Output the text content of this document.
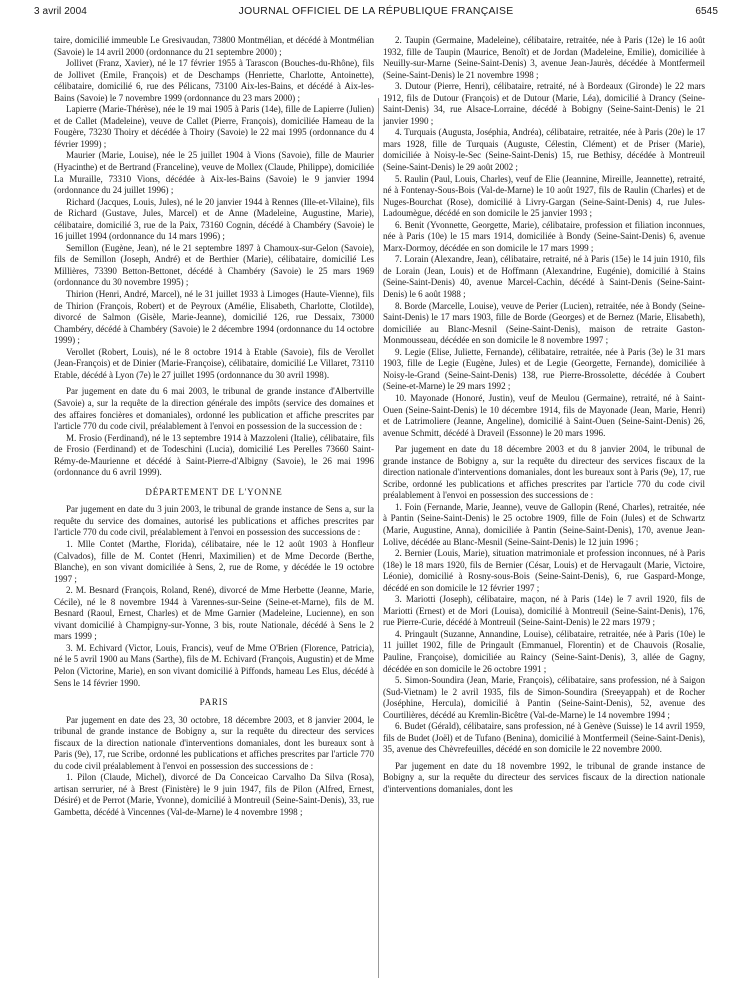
3 avril 2004	JOURNAL OFFICIEL DE LA RÉPUBLIQUE FRANÇAISE	6545

taire, domicilié immeuble Le Gresivaudan, 73800 Montmélian, et décédé à Montmélian (Savoie) le 14 avril 2000 (ordonnance du 21 septembre 2000) ;

Jollivet (Franz, Xavier), né le 17 février 1955 à Tarascon (Bouches-du-Rhône), fils de Jollivet (Emile, François) et de Deschamps (Henriette, Charlotte, Antoinette), célibataire, domicilié 6, rue des Pélicans, 73100 Aix-les-Bains, et décédé à Aix-les-Bains (Savoie) le 7 novembre 1999 (ordonnance du 23 mars 2000) ;

Lapierre (Marie-Thérèse), née le 19 mai 1905 à Paris (14e), fille de Lapierre (Julien) et de Callet (Madeleine), veuve de Callet (Pierre, François), domiciliée Hameau de la Fougère, 73230 Thoiry et décédée à Thoiry (Savoie) le 22 mai 1995 (ordonnance du 4 février 1999) ;

Maurier (Marie, Louise), née le 25 juillet 1904 à Vions (Savoie), fille de Maurier (Hyacinthe) et de Bertrand (Franceline), veuve de Mollex (Claude, Philippe), domiciliée La Muraille, 73310 Vions, décédée à Aix-les-Bains (Savoie) le 9 janvier 1994 (ordonnance du 24 juillet 1996) ;

Richard (Jacques, Louis, Jules), né le 20 janvier 1944 à Rennes (Ille-et-Vilaine), fils de Richard (Gustave, Jules, Marcel) et de Anne (Madeleine, Augustine, Marie), célibataire, domicilié 3, rue de la Paix, 73160 Cognin, décédé à Chambéry (Savoie) le 16 juillet 1994 (ordonnance du 14 mars 1996) ;

Semillon (Eugène, Jean), né le 21 septembre 1897 à Chamoux-sur-Gelon (Savoie), fils de Semillon (Joseph, André) et de Berthier (Marie), célibataire, domicilié Les Millières, 73390 Betton-Bettonet, décédé à Chambéry (Savoie) le 25 mars 1969 (ordonnance du 30 novembre 1995) ;

Thirion (Henri, André, Marcel), né le 31 juillet 1933 à Limoges (Haute-Vienne), fils de Thirion (François, Robert) et de Peyroux (Amélie, Elisabeth, Charlotte, Clotilde), divorcé de Salmon (Gisèle, Marie-Jeanne), domicilié 126, rue Dessaix, 73000 Chambéry, décédé à Chambéry (Savoie) le 2 décembre 1994 (ordonnance du 14 octobre 1999) ;

Verollet (Robert, Louis), né le 8 octobre 1914 à Etable (Savoie), fils de Verollet (Jean-François) et de Dinier (Marie-Françoise), célibataire, domicilié Le Villaret, 73110 Etable, décédé à Lyon (7e) le 27 juillet 1995 (ordonnance du 30 avril 1998).

Par jugement en date du 6 mai 2003, le tribunal de grande instance d'Albertville (Savoie) a, sur la requête de la direction générale des impôts (service des domaines et des affaires foncières et domaniales), ordonné les publication et affiche prescrites par l'article 770 du code civil, préalablement à l'envoi en possession de la succession de :

M. Frosio (Ferdinand), né le 13 septembre 1914 à Mazzoleni (Italie), célibataire, fils de Frosio (Ferdinand) et de Todeschini (Lucia), domicilié Les Perelles 73660 Saint-Rémy-de-Maurienne et décédé à Saint-Pierre-d'Albigny (Savoie), le 26 mai 1996 (ordonnance du 6 avril 1999).

DÉPARTEMENT DE L'YONNE

Par jugement en date du 3 juin 2003, le tribunal de grande instance de Sens a, sur la requête du service des domaines, autorisé les publications et affiches prescrites par l'article 770 du code civil, préalablement à l'envoi en possession des successions de :

1. Mlle Contet (Marthe, Florida), célibataire, née le 12 août 1903 à Honfleur (Calvados), fille de M. Contet (Henri, Maximilien) et de Mme Decorde (Berthe, Blanche), en son vivant domiciliée à Sens, 2, rue de Rome, y décédée le 19 octobre 1997 ;

2. M. Besnard (François, Roland, René), divorcé de Mme Herbette (Jeanne, Marie, Cécile), né le 8 novembre 1944 à Varennes-sur-Seine (Seine-et-Marne), fils de M. Besnard (Raoul, Ernest, Charles) et de Mme Garnier (Madeleine, Lucienne), en son vivant domicilié à Champigny-sur-Yonne, 3 bis, route Nationale, décédé à Sens le 2 mars 1999 ;

3. M. Echivard (Victor, Louis, Francis), veuf de Mme O'Brien (Florence, Patricia), né le 5 avril 1900 au Mans (Sarthe), fils de M. Echivard (François, Augustin) et de Mme Pelon (Victorine, Marie), en son vivant domicilié à Piffonds, hameau Les Elus, décédé à Sens le 14 février 1990.

PARIS

Par jugement en date des 23, 30 octobre, 18 décembre 2003, et 8 janvier 2004, le tribunal de grande instance de Bobigny a, sur la requête du directeur des services fiscaux de la direction nationale d'interventions domaniales, dont les bureaux sont à Paris (9e), 17, rue Scribe, ordonné les publications et affiches prescrites par l'article 770 du code civil préalablement à l'envoi en possession des successions de :

1. Pilon (Claude, Michel), divorcé de Da Conceicao Carvalho Da Silva (Rosa), artisan serrurier, né à Brest (Finistère) le 9 juin 1947, fils de Pilon (Alfred, Ernest, Désiré) et de Perrot (Marie, Yvonne), domicilié à Montreuil (Seine-Saint-Denis), 33, rue Gambetta, décédé à Vincennes (Val-de-Marne) le 4 novembre 1998 ;

2. Taupin (Germaine, Madeleine), célibataire, retraitée, née à Paris (12e) le 16 août 1932, fille de Taupin (Maurice, Benoît) et de Jordan (Madeleine, Emilie), domiciliée à Neuilly-sur-Marne (Seine-Saint-Denis) 3, avenue Jean-Jaurès, décédée à Montfermeil (Seine-Saint-Denis) le 21 novembre 1998 ;

3. Dutour (Pierre, Henri), célibataire, retraité, né à Bordeaux (Gironde) le 22 mars 1912, fils de Dutour (François) et de Dutour (Marie, Léa), domicilié à Drancy (Seine-Saint-Denis) 34, rue Alsace-Lorraine, décédé à Bobigny (Seine-Saint-Denis) le 21 janvier 1990 ;

4. Turquais (Augusta, Joséphia, Andréa), célibataire, retraitée, née à Paris (20e) le 17 mars 1928, fille de Turquais (Auguste, Célestin, Clément) et de Priser (Marie), domiciliée à Noisy-le-Sec (Seine-Saint-Denis) 15, rue Bethisy, décédée à Montreuil (Seine-Saint-Denis) le 29 août 2002 ;

5. Raulin (Paul, Louis, Charles), veuf de Elie (Jeannine, Mireille, Jeannette), retraité, né à Fontenay-Sous-Bois (Val-de-Marne) le 10 août 1927, fils de Raulin (Charles) et de Nuges-Bourchat (Rose), domicilié à Livry-Gargan (Seine-Saint-Denis) 4, rue Jules-Ladoumègue, décédé en son domicile le 25 janvier 1993 ;

6. Benit (Yvonnette, Georgette, Marie), célibataire, profession et filiation inconnues, née à Paris (10e) le 15 mars 1914, domiciliée à Bondy (Seine-Saint-Denis) 6, avenue Marx-Dormoy, décédée en son domicile le 17 mars 1999 ;

7. Lorain (Alexandre, Jean), célibataire, retraité, né à Paris (15e) le 14 juin 1910, fils de Lorain (Jean, Louis) et de Hoffmann (Alexandrine, Eugénie), domicilié à Stains (Seine-Saint-Denis) 40, avenue Marcel-Cachin, décédé à Saint-Denis (Seine-Saint-Denis) le 6 août 1988 ;

8. Borde (Marcelle, Louise), veuve de Perier (Lucien), retraitée, née à Bondy (Seine-Saint-Denis) le 17 mars 1903, fille de Borde (Georges) et de Bernez (Marie, Elisabeth), domiciliée au Blanc-Mesnil (Seine-Saint-Denis), maison de retraite Gaston-Monmousseau, décédée en son domicile le 8 novembre 1997 ;

9. Legie (Elise, Juliette, Fernande), célibataire, retraitée, née à Paris (3e) le 31 mars 1903, fille de Legie (Eugène, Jules) et de Legie (Georgette, Fernande), domiciliée à Noisy-le-Grand (Seine-Saint-Denis) 138, rue Pierre-Brossolette, décédée à Coubert (Seine-et-Marne) le 29 mars 1992 ;

10. Mayonade (Honoré, Justin), veuf de Meulou (Germaine), retraité, né à Saint-Ouen (Seine-Saint-Denis) le 10 décembre 1914, fils de Mayonade (Jean, Marie, Henri) et de Latrimoliere (Jeanne, Angeline), domicilié à Saint-Ouen (Seine-Saint-Denis) 26, avenue Schmitt, décédé à Draveil (Essonne) le 20 mars 1996.

Par jugement en date du 18 décembre 2003 et du 8 janvier 2004, le tribunal de grande instance de Bobigny a, sur la requête du directeur des services fiscaux de la direction nationale d'interventions domaniales, dont les bureaux sont à Paris (9e), 17, rue Scribe, ordonné les publications et affiches prescrites par l'article 770 du code civil préalablement à l'envoi en possession des successions de :

1. Foin (Fernande, Marie, Jeanne), veuve de Gallopin (René, Charles), retraitée, née à Pantin (Seine-Saint-Denis) le 25 octobre 1909, fille de Foin (Jules) et de Schwartz (Marie, Augustine, Anna), domiciliée à Pantin (Seine-Saint-Denis), 170, avenue Jean-Lolive, décédée au Blanc-Mesnil (Seine-Saint-Denis) le 12 juin 1996 ;

2. Bernier (Louis, Marie), situation matrimoniale et profession inconnues, né à Paris (18e) le 18 mars 1920, fils de Bernier (César, Louis) et de Hervagault (Marie, Victoire, Léonie), domicilié à Rosny-sous-Bois (Seine-Saint-Denis), 6, rue Gaspard-Monge, décédé en son domicile le 12 février 1997 ;

3. Mariotti (Joseph), célibataire, maçon, né à Paris (14e) le 7 avril 1920, fils de Mariotti (Ernest) et de Mori (Louisa), domicilié à Montreuil (Seine-Saint-Denis), 176, rue Pierre-Curie, décédé à Montreuil (Seine-Saint-Denis) le 22 mars 1979 ;

4. Pringault (Suzanne, Annandine, Louise), célibataire, retraitée, née à Paris (10e) le 11 juillet 1902, fille de Pringault (Emmanuel, Florentin) et de Chauvois (Rosalie, Pauline, Françoise), domiciliée au Raincy (Seine-Saint-Denis), 3, allée de Gagny, décédée en son domicile le 26 octobre 1991 ;

5. Simon-Soundira (Jean, Marie, François), célibataire, sans profession, né à Saigon (Sud-Vietnam) le 2 avril 1935, fils de Simon-Soundira (Sreeyappah) et de Rocher (Joséphine, Hercula), domicilié à Pantin (Seine-Saint-Denis), 52, avenue des Courtilières, décédé au Kremlin-Bicêtre (Val-de-Marne) le 14 novembre 1994 ;

6. Budet (Gérald), célibataire, sans profession, né à Genève (Suisse) le 14 avril 1959, fils de Budet (Joël) et de Tufano (Benina), domicilié à Montfermeil (Seine-Saint-Denis), 35, avenue des Chèvrefeuilles, décédé en son domicile le 22 novembre 2000.

Par jugement en date du 18 novembre 1992, le tribunal de grande instance de Bobigny a, sur la requête du directeur des services fiscaux de la direction nationale d'interventions domaniales, dont les
